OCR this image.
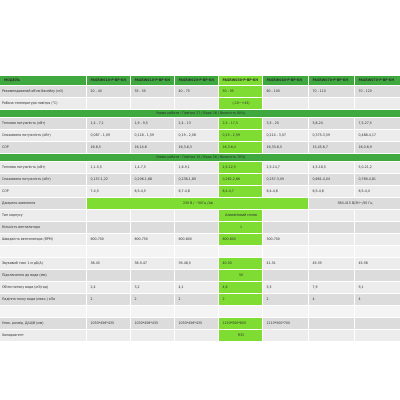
МОДЕЛЬ	PASRW010-P-BP-KH	PASRW015-P-BP-KH	PASRW020-P-BP-KH	PASRW030-P-BP-KH	PASRW040-P-BP-KH	PASRW070-P-BP-KH	PASRW070-P-BP-KH
Рекомендований об'єм басейну (м3)	20 - 40	35 - 55	40 - 75	50 - 95	60 - 100	70 - 110	70 - 120
Робоча температура повітря (°C)				(-10~+43)			
Умови роботи : Повітря 27 / Вода 26 / Вологість 80%)							
Теплова потужність (кВт)	1,4 - 7,1	1,9 - 9,5	2,4 - 13	2,5 - 17,5	3,5 - 20	5,8-24	7,5-27,5
Споживана потужність (кВт)	0,087 - 1,09	0,118 - 1,59	0,19 - 2,06	0,15 - 2,59	0,214 - 3,07	0,375-3,59	0,488-4,17
COP	16-6,5	16,14-6	16,3-6,3	16,3-6,4	16,33-6,5	15,45-6,7	16,0-6,9
Умови роботи : Повітря 15 / Вода 26 / Вологість 70%)							
Теплова потужність (кВт)	1,1-5,5	1,4-7,5	1,6-9,1	2,5-12,5	2,5-14,7	4,5-18,5	5,0-21,2
Споживана потужність (кВт)	0,157-1,22	0,206-1,68	0,238-1,89	0,262-2,66	0,257-3,09	0,661-4,04	0,769-4,81
COP	7-4,5	6,5-4,5	6,7-4,8	6,4-4,7	6,4-4,6	6,5-4,6	6,5-4,4
Джерело живлення	230 В / ~50Гц /1ф					380-415 В/3Н~/50 Гц	
Тип корпусу				Алюмінієвий сплав			
Кількість вентилятора				1			
Швидкість вентилятора (RPM)	600-700	600-750	600-800	600-800	300-700		

Звуковий тиск 1 м дБ(А)	36-45	36-5-47	39-48,5	40-50	41-51	45-55	45-56
Підключення до води (мм)				50			
Об'єм потоку води (м3/год)	2,4	3,2	4,1	4,6	5,5	7,9	9,1
Падіння тиску води (макс.) кПа	2	2	2	2	2	4	4

Упак. розмір, Д/Ш/В (мм)	1030*456*435	1030*456*435	1030*456*435	1150*500*605	1210*500*700		
Холодоагент				R32			
